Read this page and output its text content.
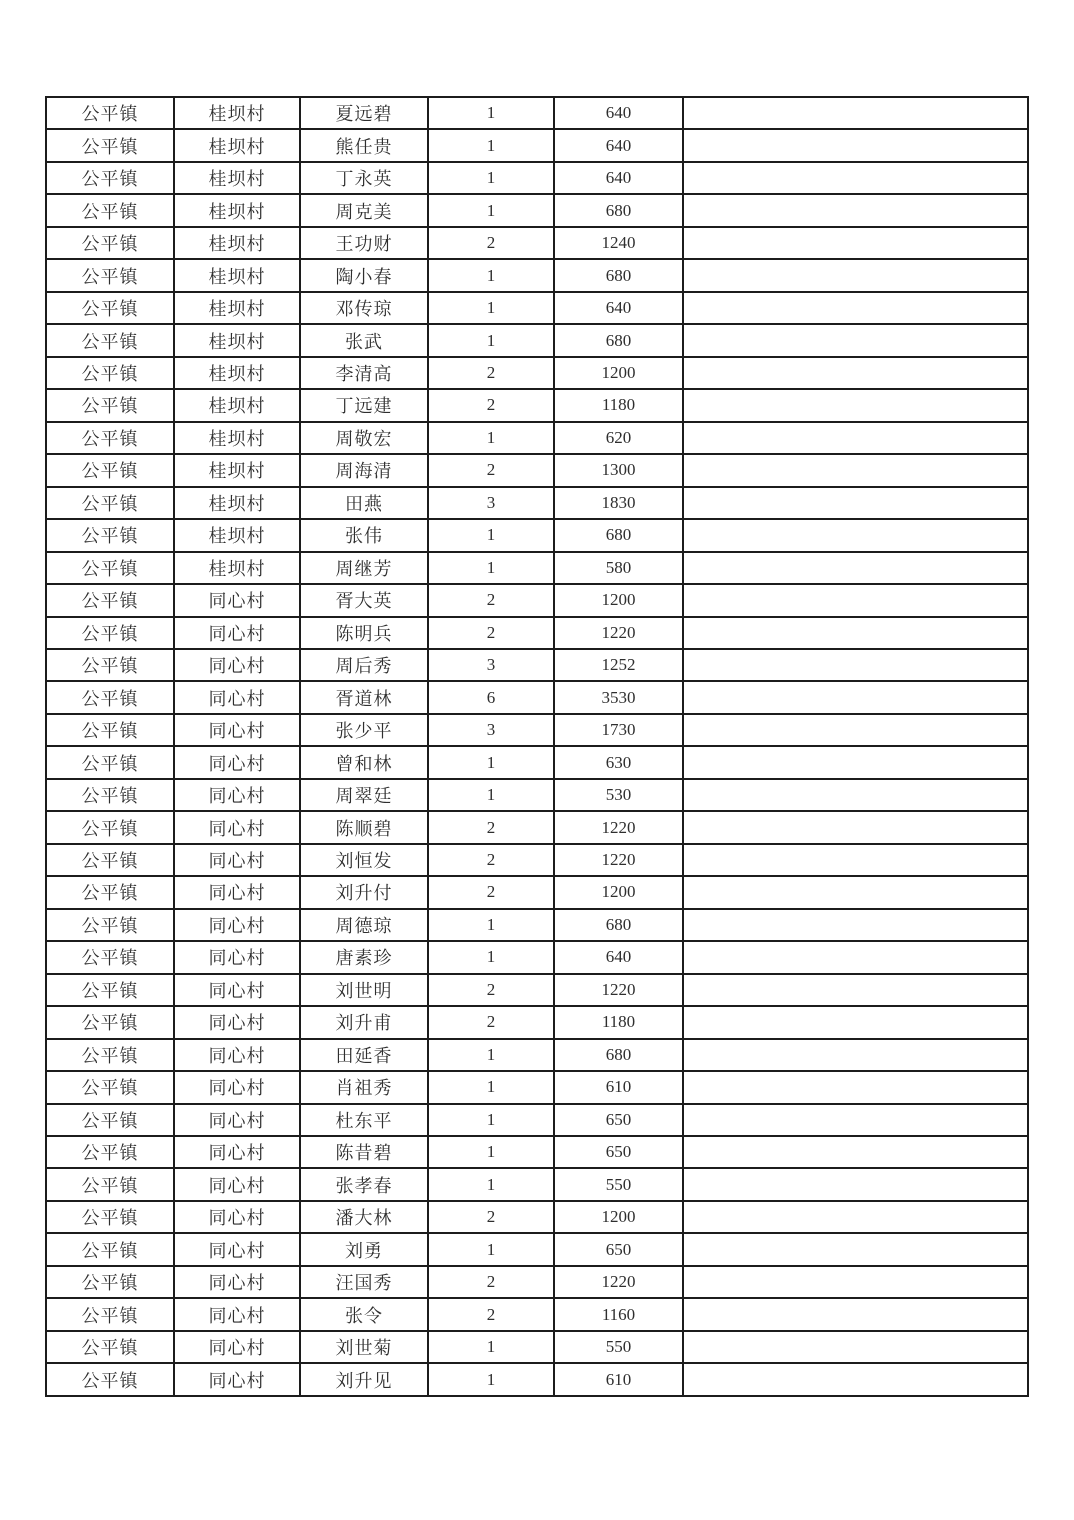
公平镇	桂坝村	夏远碧	1	640	
公平镇	桂坝村	熊任贵	1	640	
公平镇	桂坝村	丁永英	1	640	
公平镇	桂坝村	周克美	1	680	
公平镇	桂坝村	王功财	2	1240	
公平镇	桂坝村	陶小春	1	680	
公平镇	桂坝村	邓传琼	1	640	
公平镇	桂坝村	张武	1	680	
公平镇	桂坝村	李清高	2	1200	
公平镇	桂坝村	丁远建	2	1180	
公平镇	桂坝村	周敬宏	1	620	
公平镇	桂坝村	周海清	2	1300	
公平镇	桂坝村	田燕	3	1830	
公平镇	桂坝村	张伟	1	680	
公平镇	桂坝村	周继芳	1	580	
公平镇	同心村	胥大英	2	1200	
公平镇	同心村	陈明兵	2	1220	
公平镇	同心村	周后秀	3	1252	
公平镇	同心村	胥道林	6	3530	
公平镇	同心村	张少平	3	1730	
公平镇	同心村	曾和林	1	630	
公平镇	同心村	周翠廷	1	530	
公平镇	同心村	陈顺碧	2	1220	
公平镇	同心村	刘恒发	2	1220	
公平镇	同心村	刘升付	2	1200	
公平镇	同心村	周德琼	1	680	
公平镇	同心村	唐素珍	1	640	
公平镇	同心村	刘世明	2	1220	
公平镇	同心村	刘升甫	2	1180	
公平镇	同心村	田延香	1	680	
公平镇	同心村	肖祖秀	1	610	
公平镇	同心村	杜东平	1	650	
公平镇	同心村	陈昔碧	1	650	
公平镇	同心村	张孝春	1	550	
公平镇	同心村	潘大林	2	1200	
公平镇	同心村	刘勇	1	650	
公平镇	同心村	汪国秀	2	1220	
公平镇	同心村	张令	2	1160	
公平镇	同心村	刘世菊	1	550	
公平镇	同心村	刘升见	1	610	
